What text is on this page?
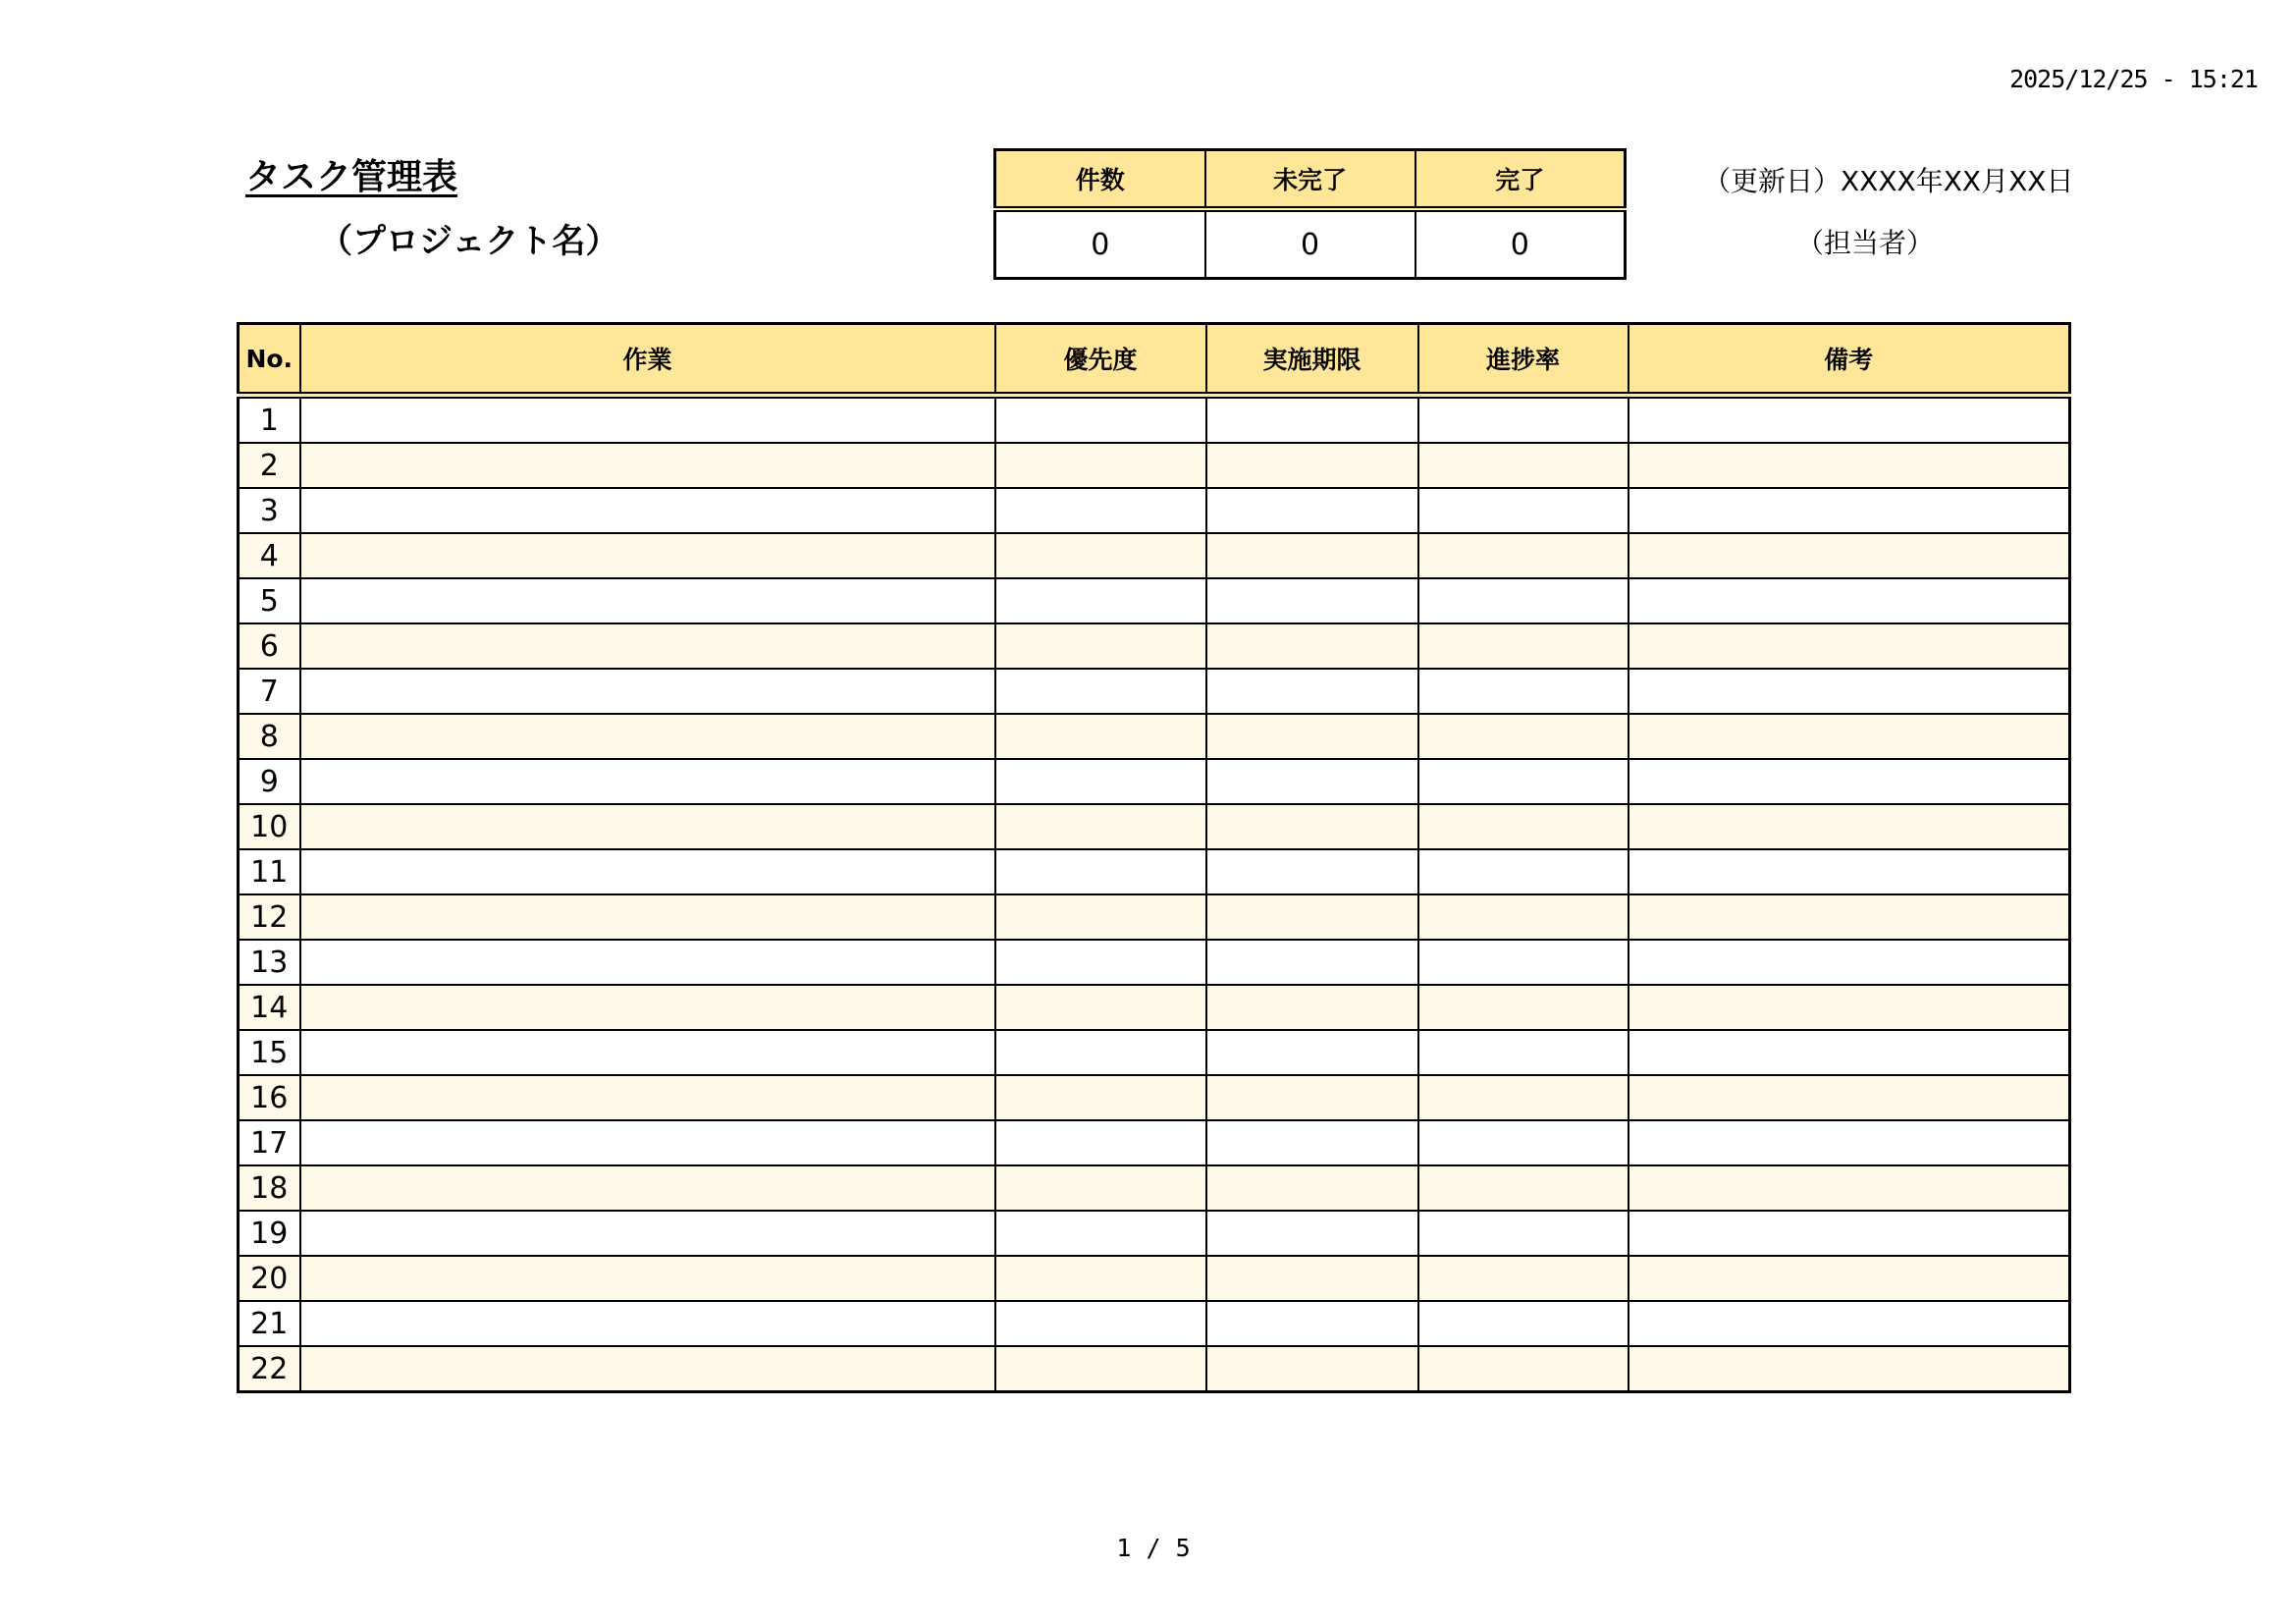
2025/12/25 - 15:21
タスク管理表
（プロジェクト名）
（更新日）XXXX年XX月XX日
（担当者）
件数	未完了	完了
0	0	0
No.	作業	優先度	実施期限	進捗率	備考
1					
2					
3					
4					
5					
6					
7					
8					
9					
10					
11					
12					
13					
14					
15					
16					
17					
18					
19					
20					
21					
22					
1 / 5
